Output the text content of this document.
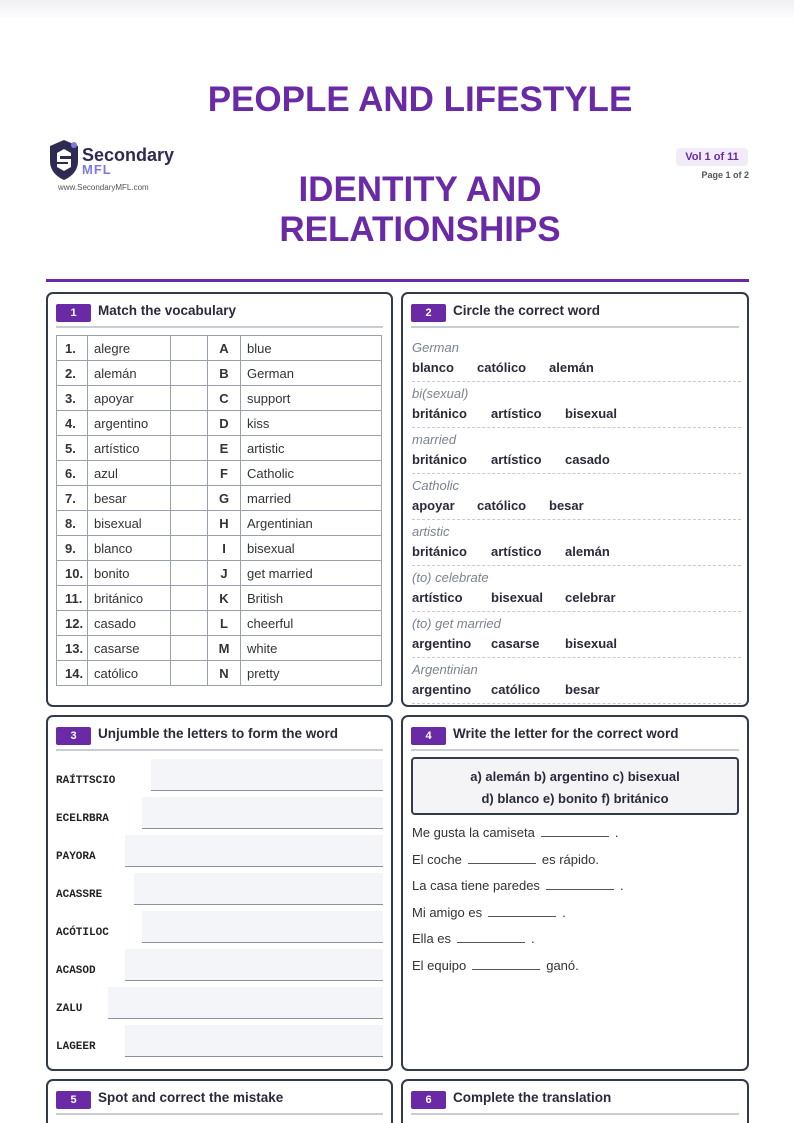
PEOPLE AND LIFESTYLE
IDENTITY AND
RELATIONSHIPS
Secondary
MFL
www.SecondaryMFL.com
Vol 1 of 11
Page 1 of 2
1	Match the vocabulary
1.	alegre		A	blue
2.	alemán		B	German
3.	apoyar		C	support
4.	argentino		D	kiss
5.	artístico		E	artistic
6.	azul		F	Catholic
7.	besar		G	married
8.	bisexual		H	Argentinian
9.	blanco		I	bisexual
10.	bonito		J	get married
11.	británico		K	British
12.	casado		L	cheerful
13.	casarse		M	white
14.	católico		N	pretty
2	Circle the correct word
German
blanco católico alemán
bi(sexual)
británico artístico bisexual
married
británico artístico casado
Catholic
apoyar católico besar
artistic
británico artístico alemán
(to) celebrate
artístico bisexual celebrar
(to) get married
argentino casarse bisexual
Argentinian
argentino católico besar
3	Unjumble the letters to form the word
RAÍTTSCIO
ECELRBRA
PAYORA
ACASSRE
ACÓTILOC
ACASOD
ZALU
LAGEER
4	Write the letter for the correct word
a) alemán b) argentino c) bisexual
d) blanco e) bonito f) británico
Me gusta la camiseta	.
El coche	es rápido.
La casa tiene paredes	.
Mi amigo es	.
Ella es	.
El equipo	ganó.
5	Spot and correct the mistake	6	Complete the translation
